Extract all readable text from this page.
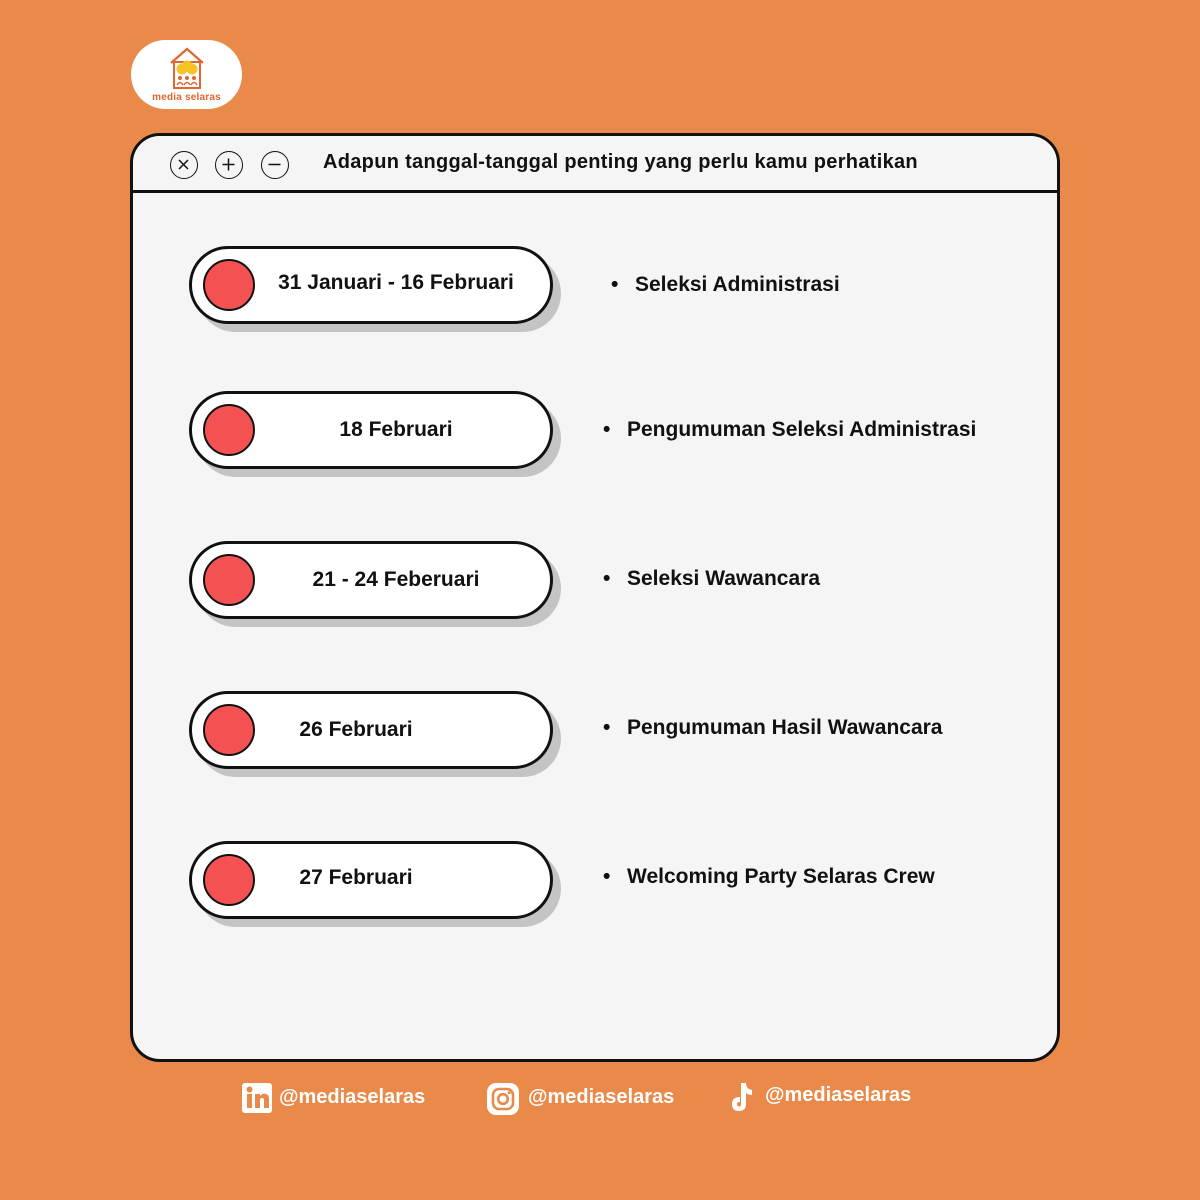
media selaras
Adapun tanggal-tanggal penting yang perlu kamu perhatikan
31 Januari - 16 Februari	• Seleksi Administrasi
18 Februari	• Pengumuman Seleksi Administrasi
21 - 24 Feberuari	• Seleksi Wawancara
26 Februari	• Pengumuman Hasil Wawancara
27 Februari	• Welcoming Party Selaras Crew
@mediaselaras	@mediaselaras	@mediaselaras
